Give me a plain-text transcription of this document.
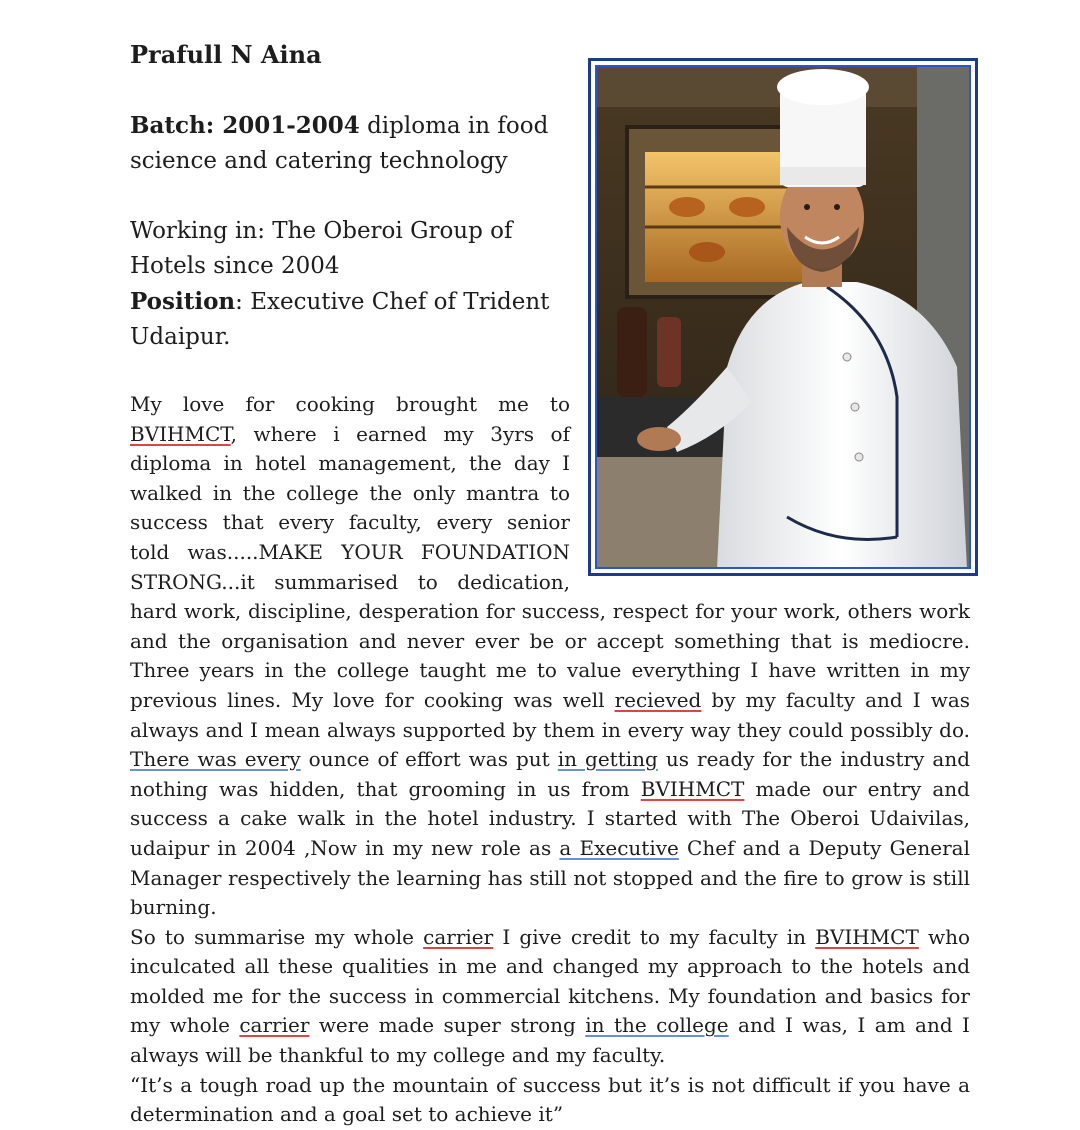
Prafull N Aina

Batch: 2001-2004 diploma in food science and catering technology

Working in: The Oberoi Group of Hotels since 2004

Position: Executive Chef of Trident Udaipur.

My love for cooking brought me to BVIHMCT, where i earned my 3yrs of diploma in hotel management, the day I walked in the college the only mantra to success that every faculty, every senior told was.....MAKE YOUR FOUNDATION STRONG...it summarised to dedication, hard work, discipline, desperation for success, respect for your work, others work and the organisation and never ever be or accept something that is mediocre. Three years in the college taught me to value everything I have written in my previous lines. My love for cooking was well recieved by my faculty and I was always and I mean always supported by them in every way they could possibly do. There was every ounce of effort was put in getting us ready for the industry and nothing was hidden, that grooming in us from BVIHMCT made our entry and success a cake walk in the hotel industry. I started with The Oberoi Udaivilas, udaipur in 2004 ,Now in my new role as a Executive Chef and a Deputy General Manager respectively the learning has still not stopped and the fire to grow is still burning.

So to summarise my whole carrier I give credit to my faculty in BVIHMCT who inculcated all these qualities in me and changed my approach to the hotels and molded me for the success in commercial kitchens. My foundation and basics for my whole carrier were made super strong in the college and I was, I am and I always will be thankful to my college and my faculty.

“It’s a tough road up the mountain of success but it’s is not difficult if you have a determination and a goal set to achieve it”
